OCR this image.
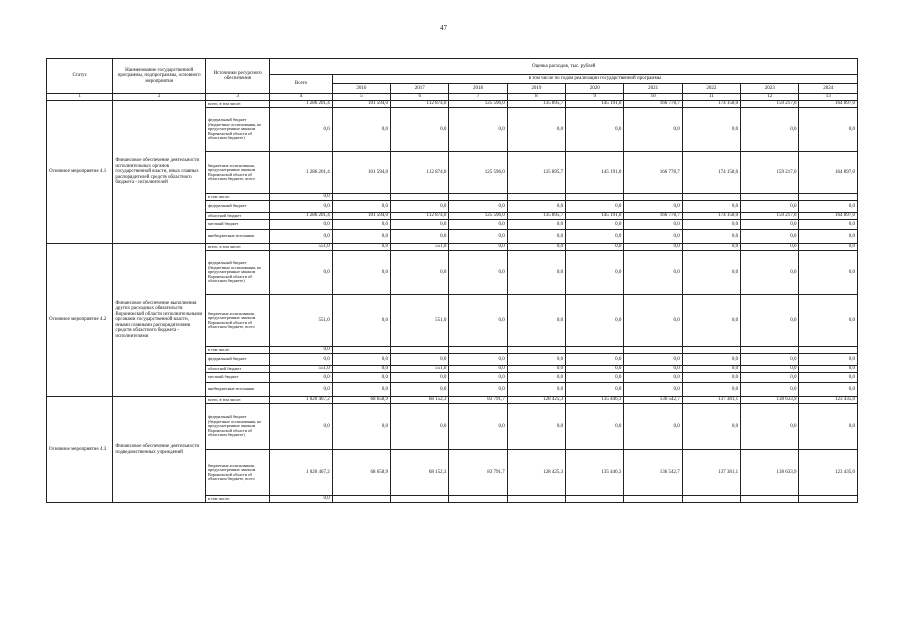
47
Статус	Наименование государственной программы, подпрограммы, основного мероприятия	Источники ресурсного обеспечения	Оценка расходов, тыс. рублей									
			Всего	в том числе по годам реализации государственной программы								
				2016	2017	2018	2019	2020	2021	2022	2023	2024
1	2	3	4	5	6	7	8	9	10	11	12	13
Основное мероприятие 4.1	Финансовое обеспечение деятельности исполнительных органов государственной власти, иных главных распорядителей средств областного бюджета - исполнителей	всего, в том числе:	1 286 201,4	101 594,0	112 874,0	125 596,0	135 895,7	145 191,0	166 778,7	174 158,0	159 217,0	164 897,0
		федеральный бюджет (бюджетные ассигнования, не предусмотренные законом Воронежской области об областном бюджете)	0,0	0,0	0,0	0,0	0,0	0,0	0,0	0,0	0,0	0,0
		бюджетные ассигнования, предусмотренные законом Воронежской области об областном бюджете, всего	1 286 201,4	101 594,0	112 874,0	125 596,0	135 895,7	145 191,0	166 778,7	174 158,0	159 217,0	164 897,0
		в том числе:	0,0									
		федеральный бюджет	0,0	0,0	0,0	0,0	0,0	0,0	0,0	0,0	0,0	0,0
		областной бюджет	1 286 201,4	101 594,0	112 874,0	125 596,0	135 895,7	145 191,0	166 778,7	174 158,0	159 217,0	164 897,0
		местный бюджет	0,0	0,0	0,0	0,0	0,0	0,0	0,0	0,0	0,0	0,0
		внебюджетные источники	0,0	0,0	0,0	0,0	0,0	0,0	0,0	0,0	0,0	0,0
Основное мероприятие 4.2	Финансовое обеспечение выполнения других расходных обязательств Воронежской области исполнительными органами государственной власти, иными главными распорядителями средств областного бюджета - исполнителями	всего, в том числе:	551,0	0,0	551,0	0,0	0,0	0,0	0,0	0,0	0,0	0,0
		федеральный бюджет (бюджетные ассигнования, не предусмотренные законом Воронежской области об областном бюджете)	0,0	0,0	0,0	0,0	0,0	0,0	0,0	0,0	0,0	0,0
		бюджетные ассигнования, предусмотренные законом Воронежской области об областном бюджете, всего	551,0	0,0	551,0	0,0	0,0	0,0	0,0	0,0	0,0	0,0
		в том числе:	0,0									
		федеральный бюджет	0,0	0,0	0,0	0,0	0,0	0,0	0,0	0,0	0,0	0,0
		областной бюджет	551,0	0,0	551,0	0,0	0,0	0,0	0,0	0,0	0,0	0,0
		местный бюджет	0,0	0,0	0,0	0,0	0,0	0,0	0,0	0,0	0,0	0,0
		внебюджетные источники	0,0	0,0	0,0	0,0	0,0	0,0	0,0	0,0	0,0	0,0
Основное мероприятие 4.3	Финансовое обеспечение деятельности подведомственных учреждений	всего, в том числе:	1 020 467,2	68 658,9	68 152,3	83 791,7	128 425,3	135 446,3	136 542,7	137 381,1	138 633,9	123 435,0
		федеральный бюджет (бюджетные ассигнования, не предусмотренные законом Воронежской области об областном бюджете)	0,0	0,0	0,0	0,0	0,0	0,0	0,0	0,0	0,0	0,0
		бюджетные ассигнования, предусмотренные законом Воронежской области об областном бюджете, всего	1 020 467,2	68 658,9	68 152,3	83 791,7	128 425,3	135 446,3	136 542,7	137 381,1	138 633,9	123 435,0
		в том числе:	0,0									
